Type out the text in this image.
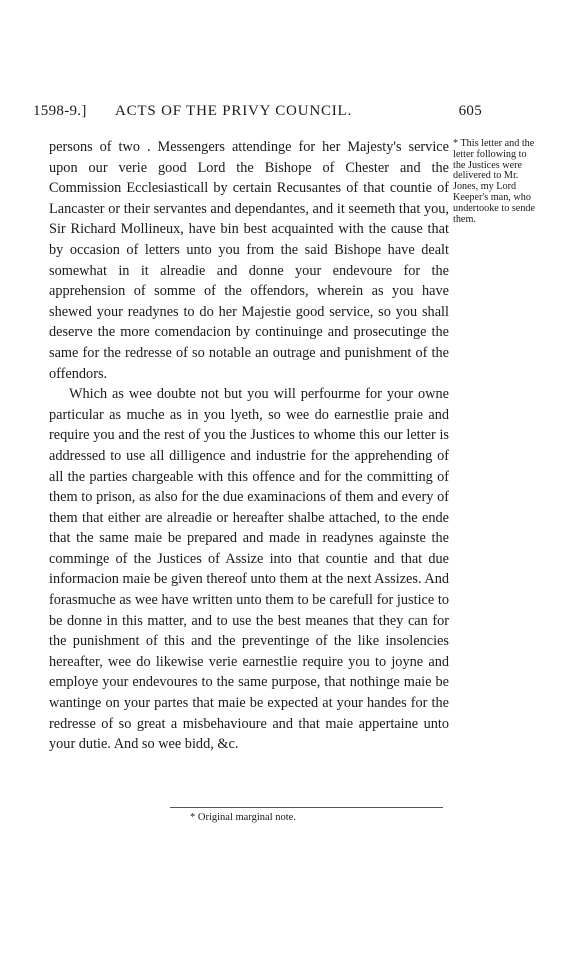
1598-9.] ACTS OF THE PRIVY COUNCIL.	605

persons of two . Messengers attendinge for her Majesty's service upon our verie good Lord the Bishope of Chester and the Commission Ecclesiasticall by certain Recusantes of that countie of Lancaster or their servantes and dependantes, and it seemeth that you, Sir Richard Mollineux, have bin best acquainted with the cause that by occasion of letters unto you from the said Bishope have dealt somewhat in it alreadie and donne your endevoure for the apprehension of somme of the offendors, wherein as you have shewed your readynes to do her Majestie good service, so you shall deserve the more comendacion by continuinge and prosecutinge the same for the redresse of so notable an outrage and punishment of the offendors.

Which as wee doubte not but you will perfourme for your owne particular as muche as in you lyeth, so wee do earnestlie praie and require you and the rest of you the Justices to whome this our letter is addressed to use all dilligence and industrie for the apprehending of all the parties chargeable with this offence and for the committing of them to prison, as also for the due examinacions of them and every of them that either are alreadie or hereafter shalbe attached, to the ende that the same maie be prepared and made in readynes againste the comminge of the Justices of Assize into that countie and that due informacion maie be given thereof unto them at the next Assizes. And forasmuche as wee have written unto them to be carefull for justice to be donne in this matter, and to use the best meanes that they can for the punishment of this and the preventinge of the like insolencies hereafter, wee do likewise verie earnestlie require you to joyne and employe your endevoures to the same purpose, that nothinge maie be wantinge on your partes that maie be expected at your handes for the redresse of so great a misbehavioure and that maie appertaine unto your dutie. And so wee bidd, &c.

* This letter and the letter following to the Justices were delivered to Mr. Jones, my Lord Keeper's man, who undertooke to sende them.
* Original marginal note.
